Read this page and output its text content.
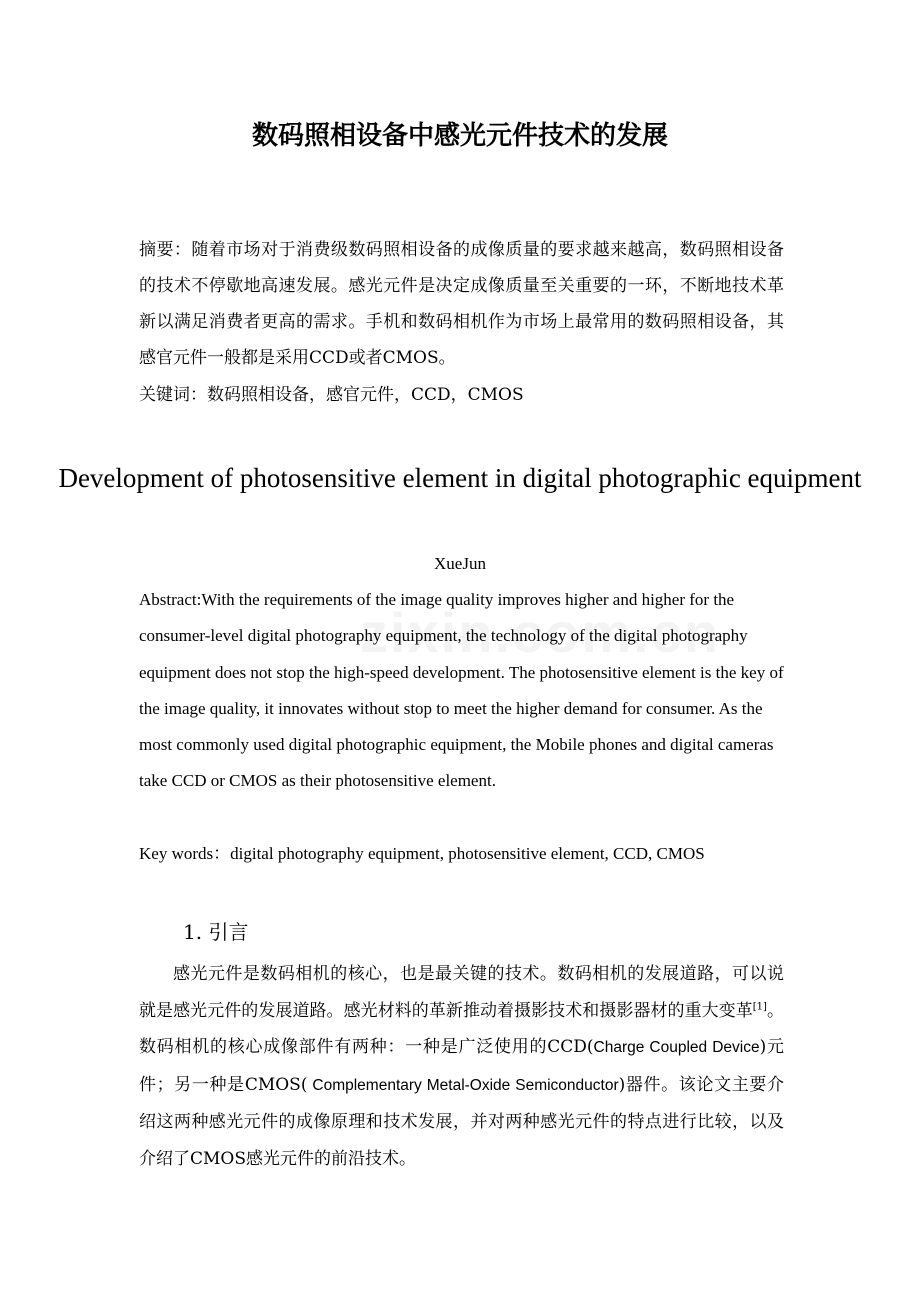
数码照相设备中感光元件技术的发展
摘要：随着市场对于消费级数码照相设备的成像质量的要求越来越高，数码照相设备的技术不停歇地高速发展。感光元件是决定成像质量至关重要的一环，不断地技术革新以满足消费者更高的需求。手机和数码相机作为市场上最常用的数码照相设备，其感官元件一般都是采用CCD或者CMOS。
关键词：数码照相设备，感官元件，CCD，CMOS
Development of photosensitive element in digital photographic equipment
XueJun
Abstract:With the requirements of the image quality improves higher and higher for the consumer-level digital photography equipment, the technology of the digital photography equipment does not stop the high-speed development. The photosensitive element is the key of the image quality, it innovates without stop to meet the higher demand for consumer. As the most commonly used digital photographic equipment, the Mobile phones and digital cameras take CCD or CMOS as their photosensitive element.
Key words：digital photography equipment, photosensitive element, CCD, CMOS
1. 引言

感光元件是数码相机的核心，也是最关键的技术。数码相机的发展道路，可以说就是感光元件的发展道路。感光材料的革新推动着摄影技术和摄影器材的重大变革[1]。数码相机的核心成像部件有两种：一种是广泛使用的CCD(Charge Coupled Device)元件；另一种是CMOS( Complementary Metal-Oxide Semiconductor)器件。该论文主要介绍这两种感光元件的成像原理和技术发展，并对两种感光元件的特点进行比较，以及介绍了CMOS感光元件的前沿技术。
